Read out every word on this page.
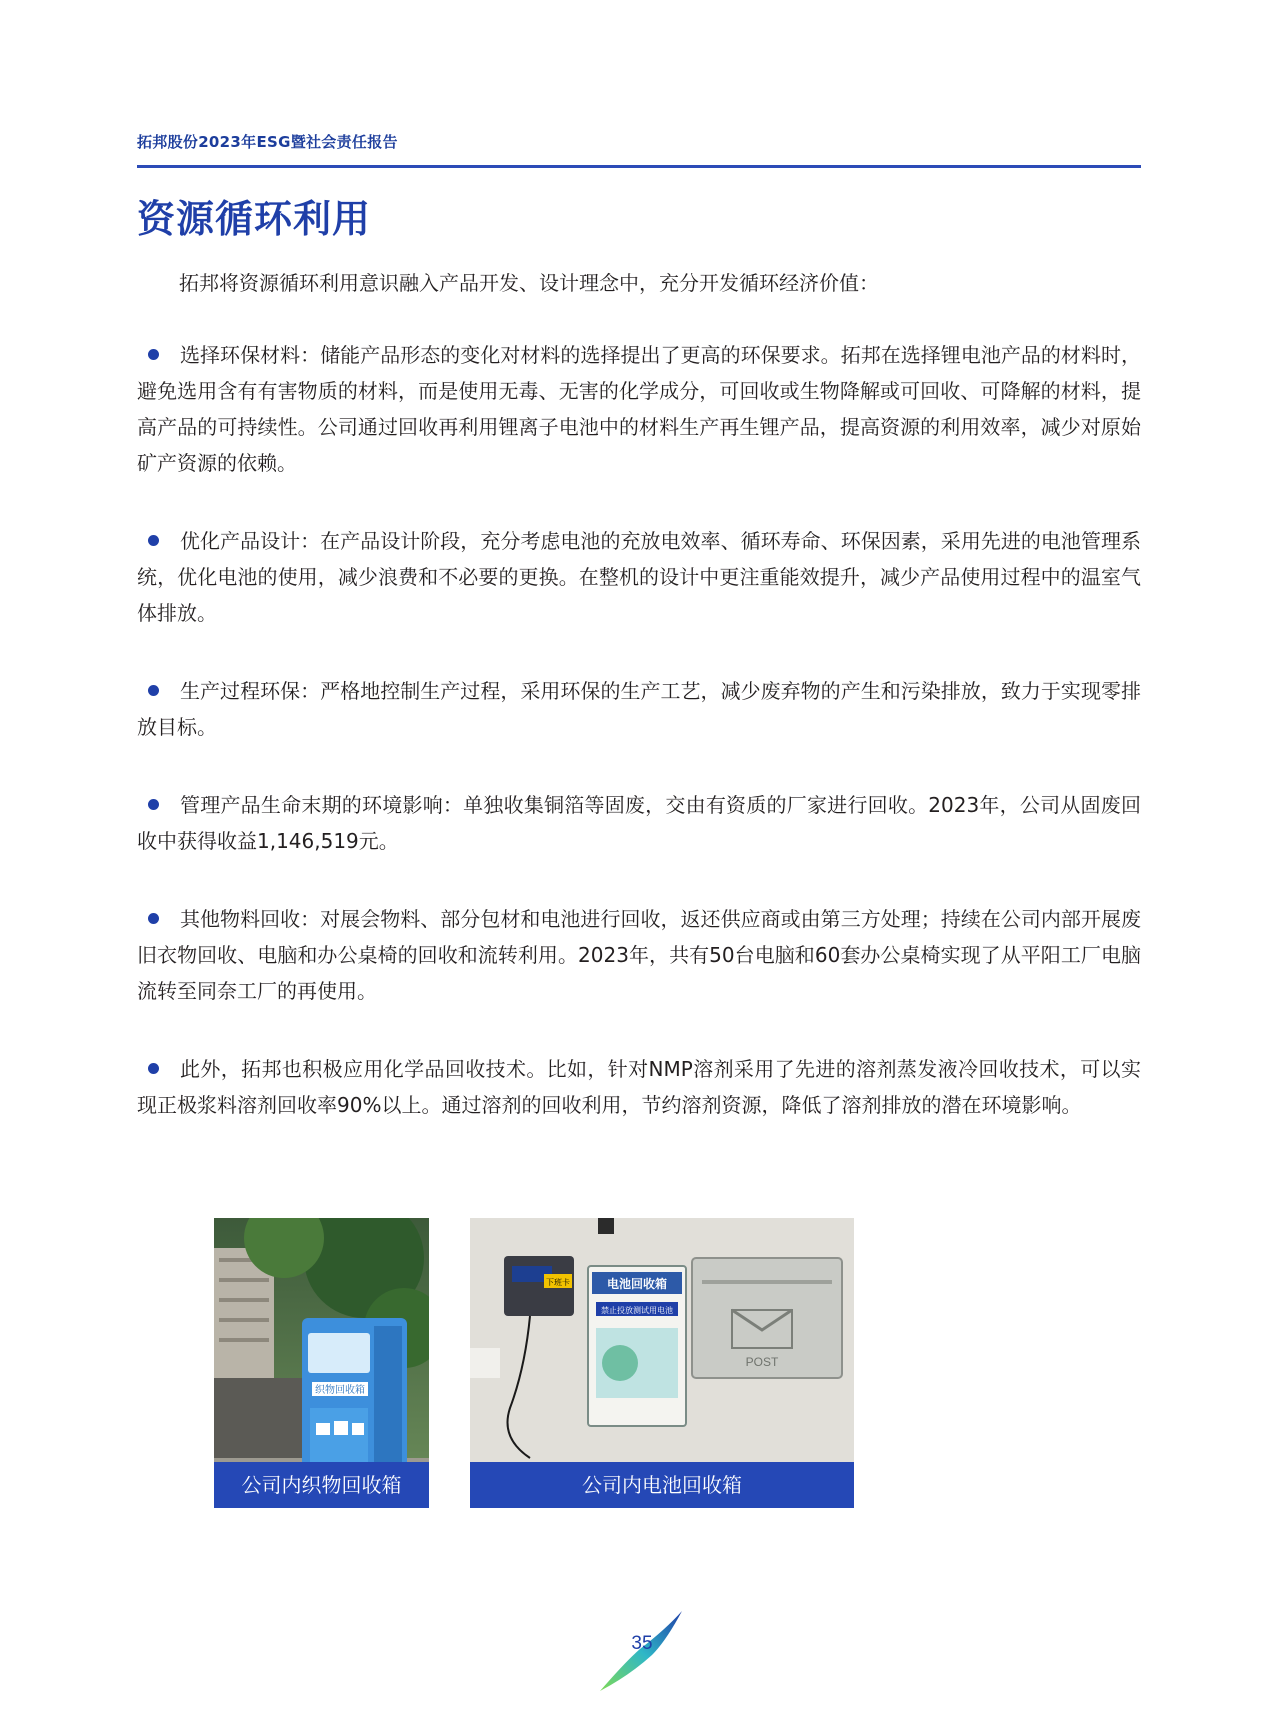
拓邦股份2023年ESG暨社会责任报告
资源循环利用

拓邦将资源循环利用意识融入产品开发、设计理念中，充分开发循环经济价值：

选择环保材料：储能产品形态的变化对材料的选择提出了更高的环保要求。拓邦在选择锂电池产品的材料时，避免选用含有有害物质的材料，而是使用无毒、无害的化学成分，可回收或生物降解或可回收、可降解的材料，提高产品的可持续性。公司通过回收再利用锂离子电池中的材料生产再生锂产品，提高资源的利用效率，减少对原始矿产资源的依赖。
优化产品设计：在产品设计阶段，充分考虑电池的充放电效率、循环寿命、环保因素，采用先进的电池管理系统，优化电池的使用，减少浪费和不必要的更换。在整机的设计中更注重能效提升，减少产品使用过程中的温室气体排放。
生产过程环保：严格地控制生产过程，采用环保的生产工艺，减少废弃物的产生和污染排放，致力于实现零排放目标。
管理产品生命末期的环境影响：单独收集铜箔等固废，交由有资质的厂家进行回收。2023年，公司从固废回收中获得收益1,146,519元。
其他物料回收：对展会物料、部分包材和电池进行回收，返还供应商或由第三方处理；持续在公司内部开展废旧衣物回收、电脑和办公桌椅的回收和流转利用。2023年，共有50台电脑和60套办公桌椅实现了从平阳工厂电脑流转至同奈工厂的再使用。
此外，拓邦也积极应用化学品回收技术。比如，针对NMP溶剂采用了先进的溶剂蒸发液冷回收技术，可以实现正极浆料溶剂回收率90%以上。通过溶剂的回收利用，节约溶剂资源，降低了溶剂排放的潜在环境影响。
织物回收箱
公司内织物回收箱
下班卡	电池回收箱
禁止投放测试用电池
POST
公司内电池回收箱
35
